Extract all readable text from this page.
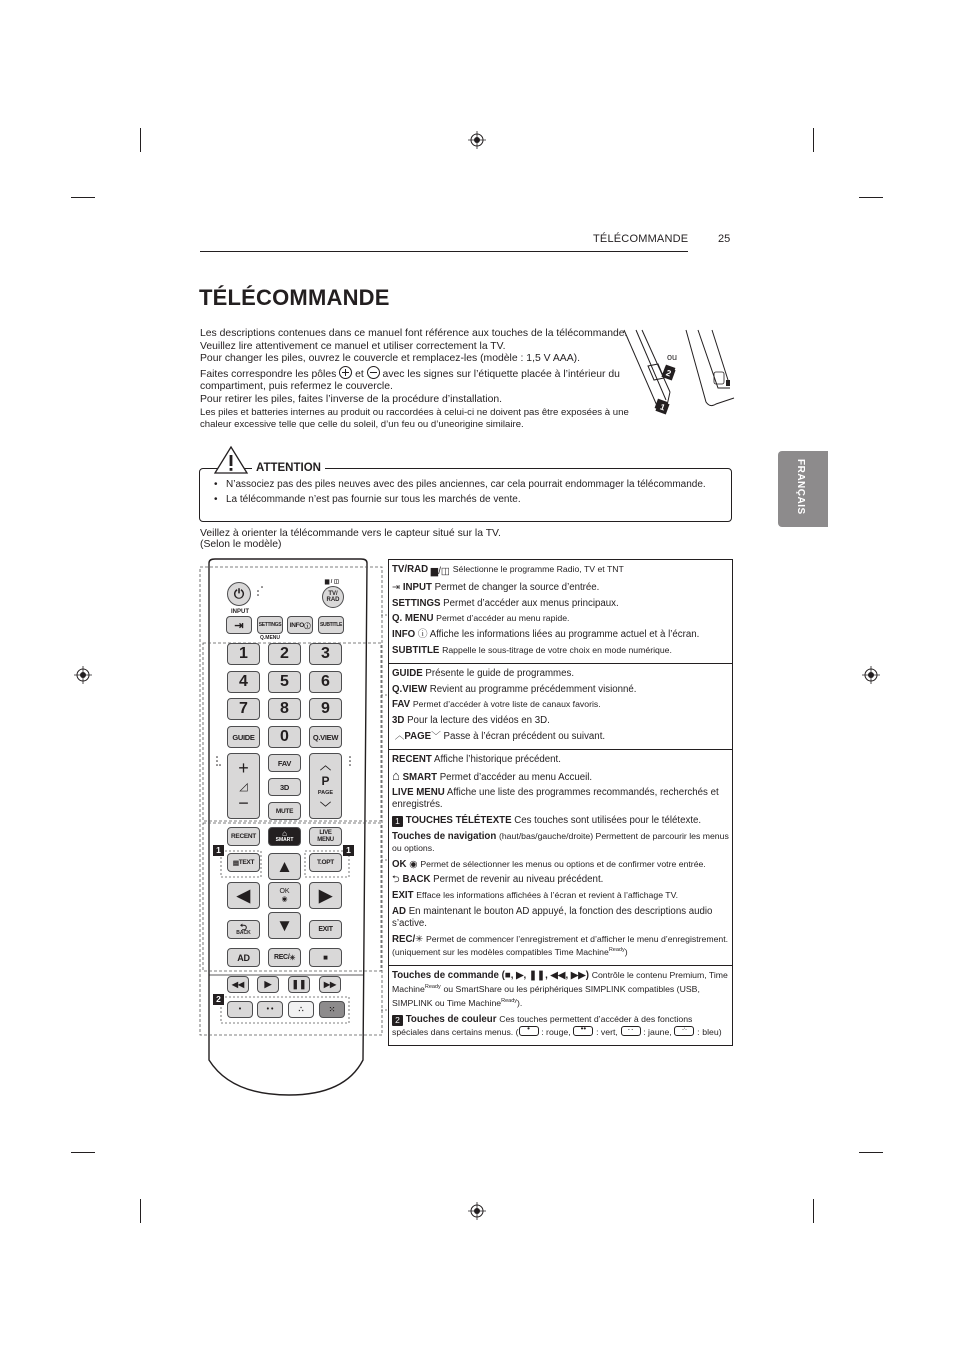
TÉLÉCOMMANDE	25
FRANÇAIS
TÉLÉCOMMANDE

Les descriptions contenues dans ce manuel font référence aux touches de la télécommande.

Veuillez lire attentivement ce manuel et utiliser correctement la TV.

Pour changer les piles, ouvrez le couvercle et remplacez-les (modèle : 1,5 V AAA).

Faites correspondre les pôles et avec les signes sur l’étiquette placée à l’intérieur du compartiment, puis refermez le couvercle.

Pour retirer les piles, faites l’inverse de la procédure d’installation.

Les piles et batteries internes au produit ou raccordées à celui-ci ne doivent pas être exposées à une chaleur excessive telle que celle du soleil, d’un feu ou d’uneorigine similaire.

ou
2
1
ATTENTION
• N’associez pas des piles neuves avec des piles anciennes, car cela pourrait endommager la télécommande.
• La télécommande n’est pas fournie sur tous les marchés de vente.
Veillez à orienter la télécommande vers le capteur situé sur la TV.
(Selon le modèle)
⏻
▆ / ◫
TV/
RAD
INPUT
⇥	SETTINGS
Q.MENU
INFO ⓘ	SUBTITLE
1	2	3
4	5	6
7	8	9
GUIDE	0	Q.VIEW
+
◿
−
FAV
3D
MUTE
︿
P
PAGE
﹀
RECENT	⌂
SMART
LIVE
MENU
▤ TEXT ▲	T.OPT
◀	OK
◉ ▶
⮌
BACK ▼	EXIT
AD	REC/ ✳	■
◀◀ ▶ ❚❚ ▶▶
•	• •	∴	⁙
1	1
2
TV/RAD ▆/◫ Sélectionne le programme Radio, TV et TNT
⇥ INPUT Permet de changer la source d’entrée.
SETTINGS Permet d’accéder aux menus principaux.
Q. MENU Permet d’accéder au menu rapide.
INFO ⓘ Affiche les informations liées au programme actuel et à l’écran.
SUBTITLE Rappelle le sous-titrage de votre choix en mode numérique.
GUIDE Présente le guide de programmes.
Q.VIEW Revient au programme précédemment visionné.
FAV Permet d’accéder à votre liste de canaux favoris.
3D Pour la lecture des vidéos en 3D.
︿PAGE﹀ Passe à l’écran précédent ou suivant.
RECENT Affiche l’historique précédent.
⌂ SMART Permet d’accéder au menu Accueil.
LIVE MENU Affiche une liste des programmes recommandés, recherchés et enregistrés.
1 TOUCHES TÉLÉTEXTE Ces touches sont utilisées pour le télétexte.
Touches de navigation (haut/bas/gauche/droite) Permettent de parcourir les menus ou options.
OK ◉ Permet de sélectionner les menus ou options et de confirmer votre entrée.
⮌ BACK Permet de revenir au niveau précédent.
EXIT Efface les informations affichées à l’écran et revient à l’affichage TV.
AD En maintenant le bouton AD appuyé, la fonction des descriptions audio s’active.
REC/✳ Permet de commencer l’enregistrement et d’afficher le menu d’enregistrement.(uniquement sur les modèles compatibles Time Machine$^{Ready}$)
Touches de commande (■, ▶, ❚❚, ◀◀, ▶▶) Contrôle le contenu Premium, Time Machine$^{Ready}$ ou SmartShare ou les périphériques SIMPLINK compatibles (USB, SIMPLINK ou Time Machine$^{Ready}$).
2 Touches de couleur Ces touches permettent d’accéder à des fonctions spéciales dans certains menus. ( •	: rouge, ••	: vert, ∴	: jaune, ⁙	: bleu)
